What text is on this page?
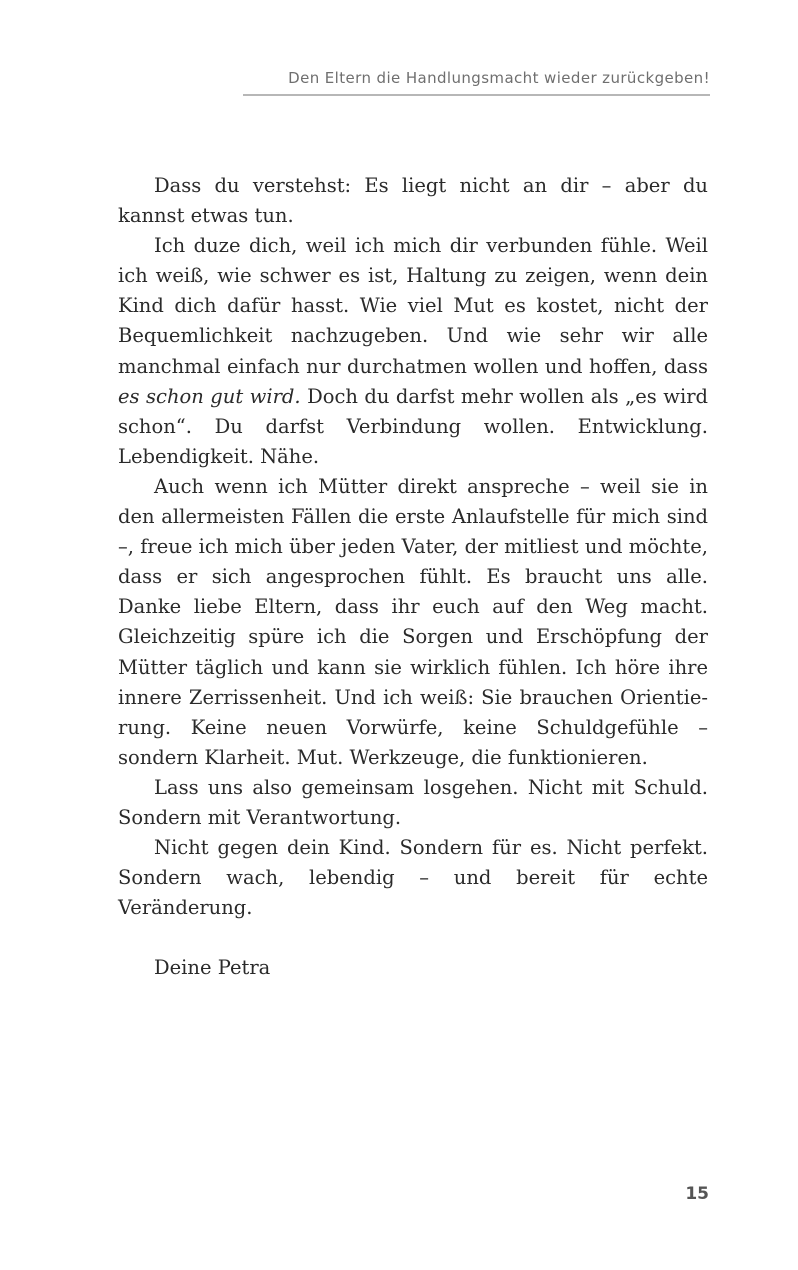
Den Eltern die Handlungsmacht wieder zurückgeben!

Dass du verstehst: Es liegt nicht an dir – aber du kannst etwas tun.

Ich duze dich, weil ich mich dir verbunden fühle. Weil ich weiß, wie schwer es ist, Haltung zu zeigen, wenn dein Kind dich dafür hasst. Wie viel Mut es kostet, nicht der Bequemlichkeit nachzugeben. Und wie sehr wir alle manchmal einfach nur durchatmen wollen und hoffen, dass es schon gut wird. Doch du darfst mehr wollen als „es wird schon“. Du darfst Verbindung wollen. Entwicklung. Lebendigkeit. Nähe.

Auch wenn ich Mütter direkt anspreche – weil sie in den allermeisten Fällen die erste Anlaufstelle für mich sind –, freue ich mich über jeden Vater, der mitliest und möchte, dass er sich angesprochen fühlt. Es braucht uns alle. Danke liebe Eltern, dass ihr euch auf den Weg macht. Gleichzeitig spüre ich die Sorgen und Erschöpfung der Mütter täglich und kann sie wirklich fühlen. Ich höre ihre innere Zerrissenheit. Und ich weiß: Sie brauchen Orientierung. Keine neuen Vorwürfe, keine Schuldgefühle – sondern Klarheit. Mut. Werkzeuge, die funktionieren.

Lass uns also gemeinsam losgehen. Nicht mit Schuld. Sondern mit Verantwortung.

Nicht gegen dein Kind. Sondern für es. Nicht perfekt. Sondern wach, lebendig – und bereit für echte Veränderung.

Deine Petra

15
